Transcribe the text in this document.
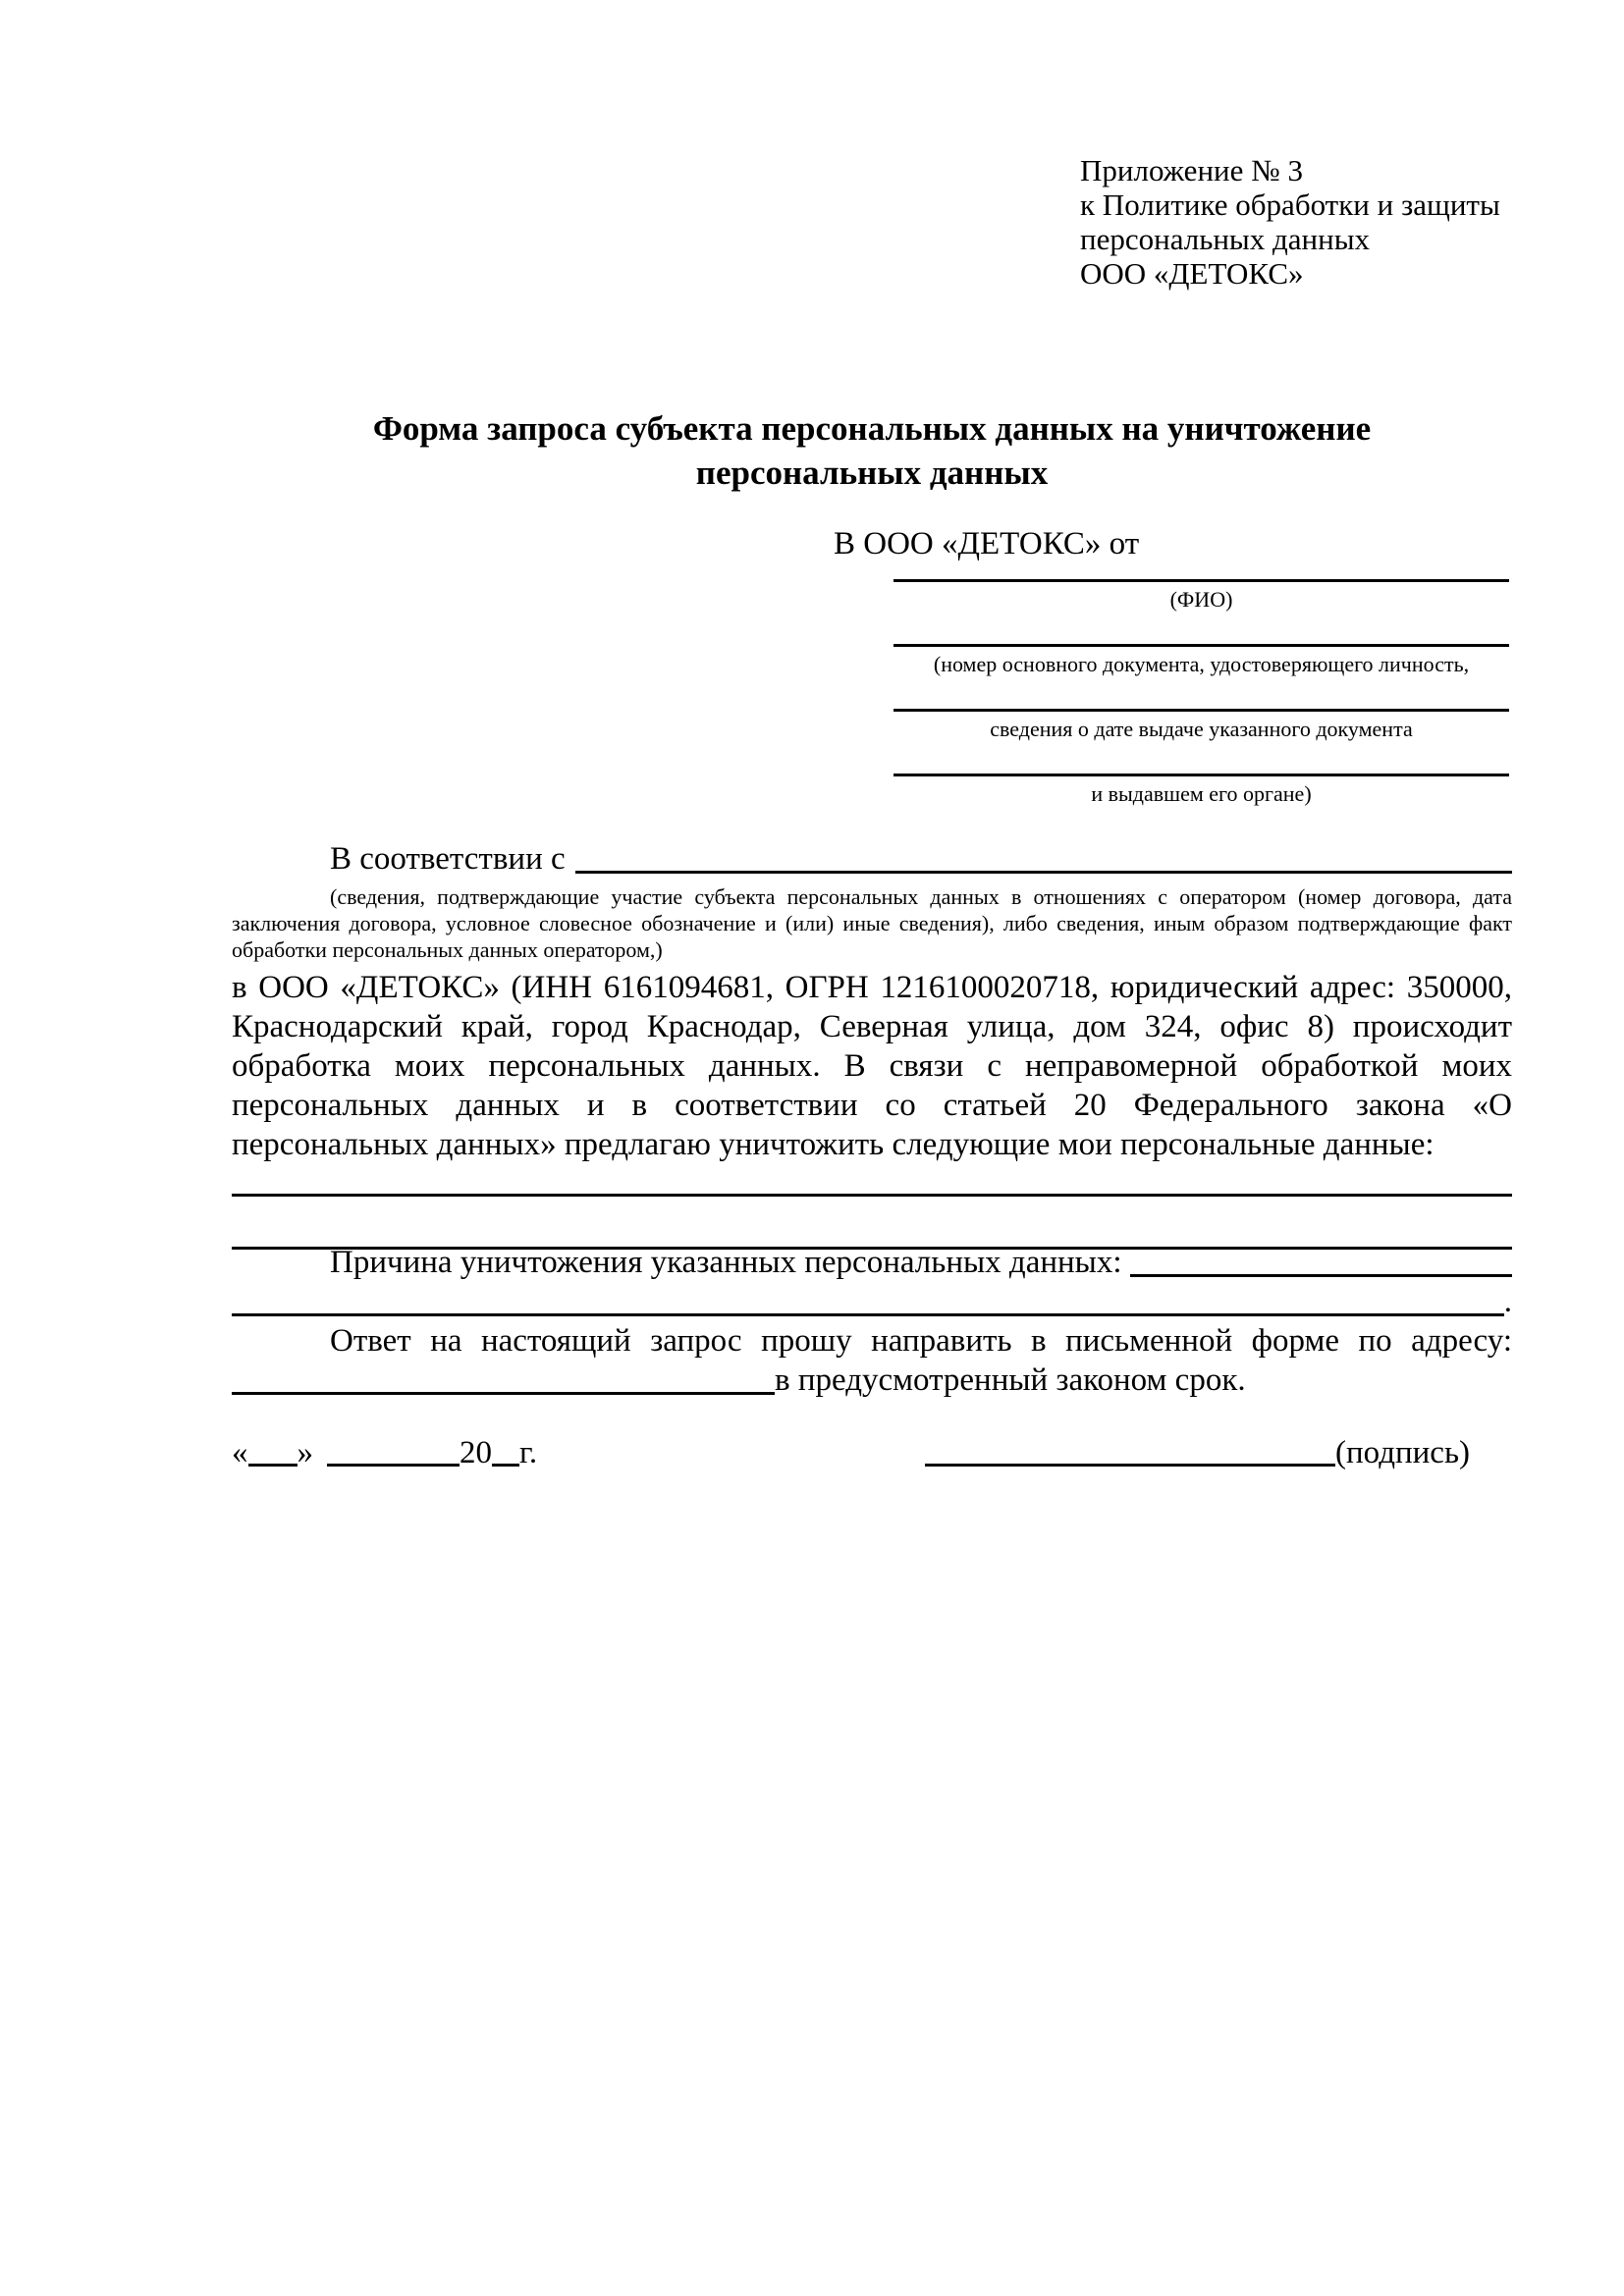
Приложение № 3
к Политике обработки и защиты
персональных данных
ООО «ДЕТОКС»
Форма запроса субъекта персональных данных на уничтожение персональных данных
В ООО «ДЕТОКС» от
(ФИО)
(номер основного документа, удостоверяющего личность,
сведения о дате выдаче указанного документа
и выдавшем его органе)
В соответствии с
(сведения, подтверждающие участие субъекта персональных данных в отношениях с оператором (номер договора, дата заключения договора, условное словесное обозначение и (или) иные сведения), либо сведения, иным образом подтверждающие факт обработки персональных данных оператором,)
в ООО «ДЕТОКС» (ИНН 6161094681, ОГРН 1216100020718, юридический адрес: 350000, Краснодарский край, город Краснодар, Северная улица, дом 324, офис 8) происходит обработка моих персональных данных. В связи с неправомерной обработкой моих персональных данных и в соответствии со статьей 20 Федерального закона «О персональных данных» предлагаю уничтожить следующие мои персональные данные:
Причина уничтожения указанных персональных данных:
.
Ответ на настоящий запрос прошу направить в письменной форме по адресу:
в предусмотренный законом срок.
« »	20 г.	(подпись)
